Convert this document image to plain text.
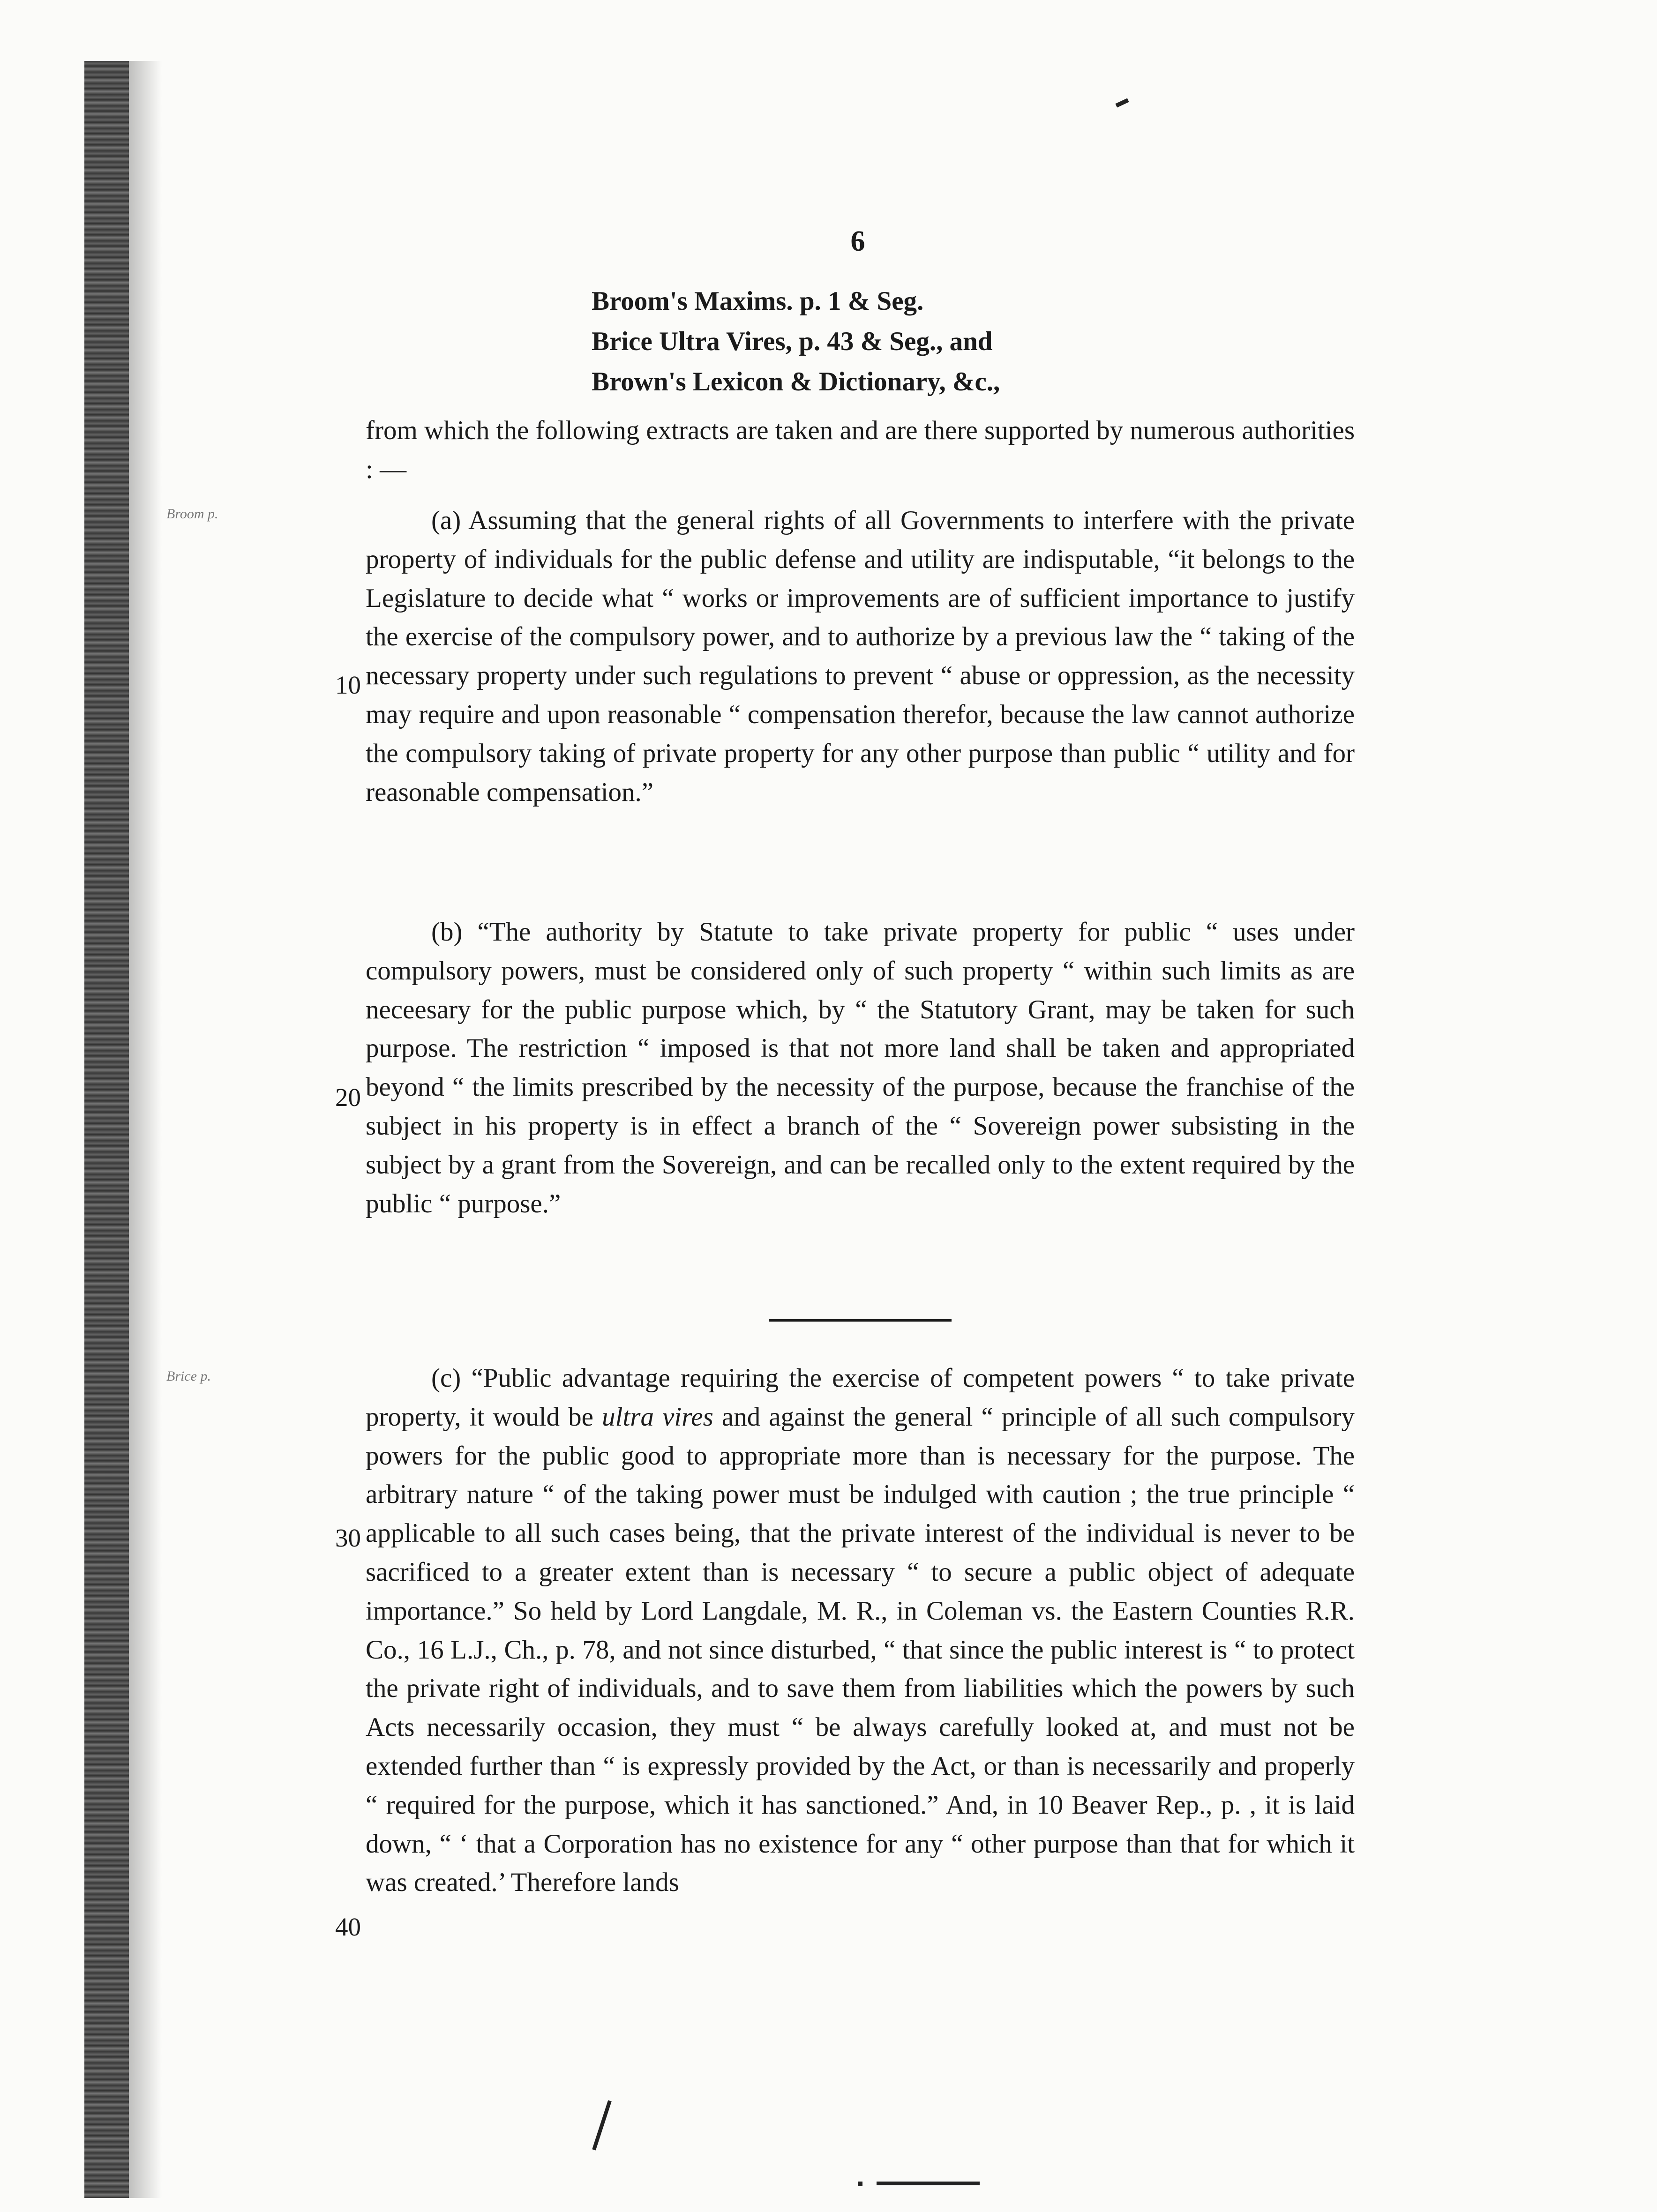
6
Broom's Maxims. p. 1 & Seg.
Brice Ultra Vires, p. 43 & Seg., and
Brown's Lexicon & Dictionary, &c.,

from which the following extracts are taken and are there supported by numerous authorities : —

(a) Assuming that the general rights of all Governments to interfere with the private property of individuals for the public defense and utility are indisputable, “it belongs to the Legislature to decide what “ works or improvements are of sufficient importance to justify the exercise of the compulsory power, and to authorize by a previous law the “ taking of the necessary property under such regulations to prevent “ abuse or oppression, as the necessity may require and upon reasonable “ compensation therefor, because the law cannot authorize the compulsory taking of private property for any other purpose than public “ utility and for reasonable compensation.”

(b) “The authority by Statute to take private property for public “ uses under compulsory powers, must be considered only of such property “ within such limits as are neceesary for the public purpose which, by “ the Statutory Grant, may be taken for such purpose. The restriction “ imposed is that not more land shall be taken and appropriated beyond “ the limits prescribed by the necessity of the purpose, because the franchise of the subject in his property is in effect a branch of the “ Sovereign power subsisting in the subject by a grant from the Sovereign, and can be recalled only to the extent required by the public “ purpose.”

(c) “Public advantage requiring the exercise of competent powers “ to take private property, it would be ultra vires and against the general “ principle of all such compulsory powers for the public good to appropriate more than is necessary for the purpose. The arbitrary nature “ of the taking power must be indulged with caution ; the true principle “ applicable to all such cases being, that the private interest of the individual is never to be sacrificed to a greater extent than is necessary “ to secure a public object of adequate importance.” So held by Lord Langdale, M. R., in Coleman vs. the Eastern Counties R.R. Co., 16 L.J., Ch., p. 78, and not since disturbed, “ that since the public interest is “ to protect the private right of individuals, and to save them from liabilities which the powers by such Acts necessarily occasion, they must “ be always carefully looked at, and must not be extended further than “ is expressly provided by the Act, or than is necessarily and properly “ required for the purpose, which it has sanctioned.” And, in 10 Beaver Rep., p. , it is laid down, “ ‘ that a Corporation has no existence for any “ other purpose than that for which it was created.’ Therefore lands

10
20
30
40
Broom p.
Brice p.
